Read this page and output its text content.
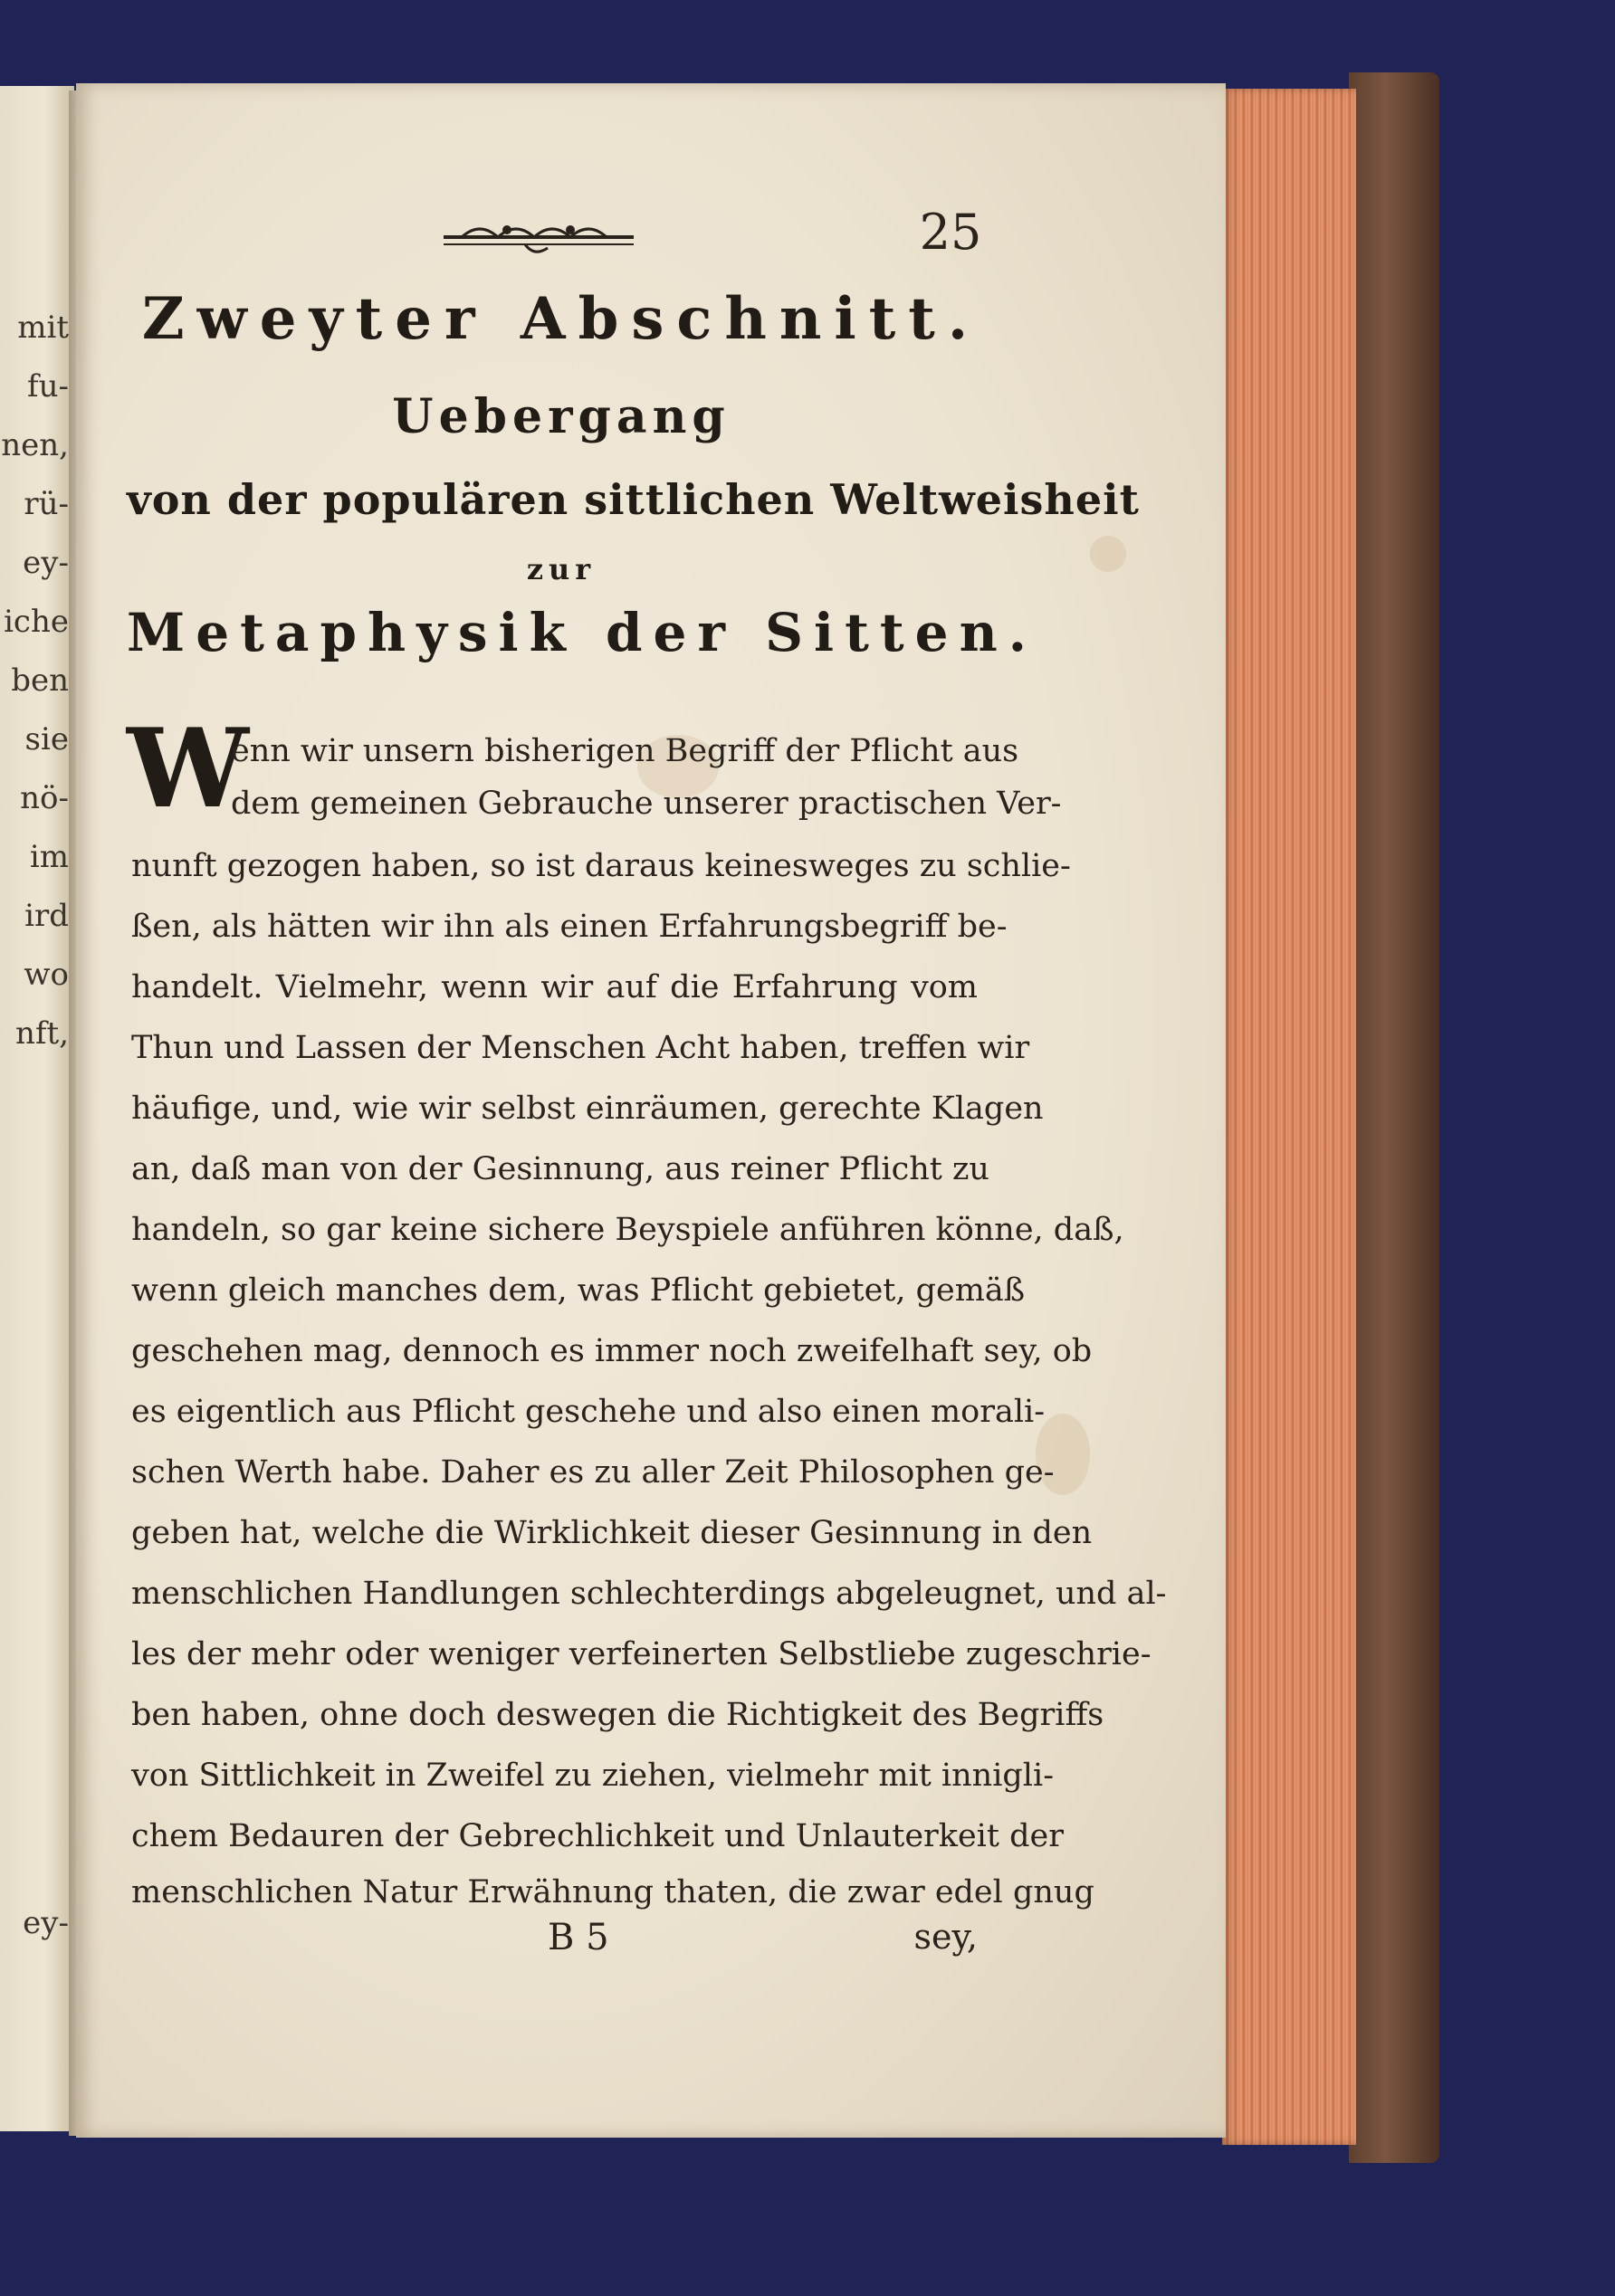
mit
fu-
nen,
rü-
ey-
iche
ben
sie
nö-
im
ird
wo
nft,
ey-
25
Zweyter Abschnitt.
Uebergang
von der populären sittlichen Weltweisheit
zur
Metaphysik der Sitten.
W
enn wir unsern bisherigen Begriff der Pflicht aus
dem gemeinen Gebrauche unserer practischen Ver-
nunft gezogen haben, so ist daraus keinesweges zu schlie-
ßen, als hätten wir ihn als einen Erfahrungsbegriff be-
handelt. Vielmehr, wenn wir auf die Erfahrung vom
Thun und Lassen der Menschen Acht haben, treffen wir
häufige, und, wie wir selbst einräumen, gerechte Klagen
an, daß man von der Gesinnung, aus reiner Pflicht zu
handeln, so gar keine sichere Beyspiele anführen könne, daß,
wenn gleich manches dem, was Pflicht gebietet, gemäß
geschehen mag, dennoch es immer noch zweifelhaft sey, ob
es eigentlich aus Pflicht geschehe und also einen morali-
schen Werth habe. Daher es zu aller Zeit Philosophen ge-
geben hat, welche die Wirklichkeit dieser Gesinnung in den
menschlichen Handlungen schlechterdings abgeleugnet, und al-
les der mehr oder weniger verfeinerten Selbstliebe zugeschrie-
ben haben, ohne doch deswegen die Richtigkeit des Begriffs
von Sittlichkeit in Zweifel zu ziehen, vielmehr mit innigli-
chem Bedauren der Gebrechlichkeit und Unlauterkeit der
menschlichen Natur Erwähnung thaten, die zwar edel gnug
B 5	sey,
